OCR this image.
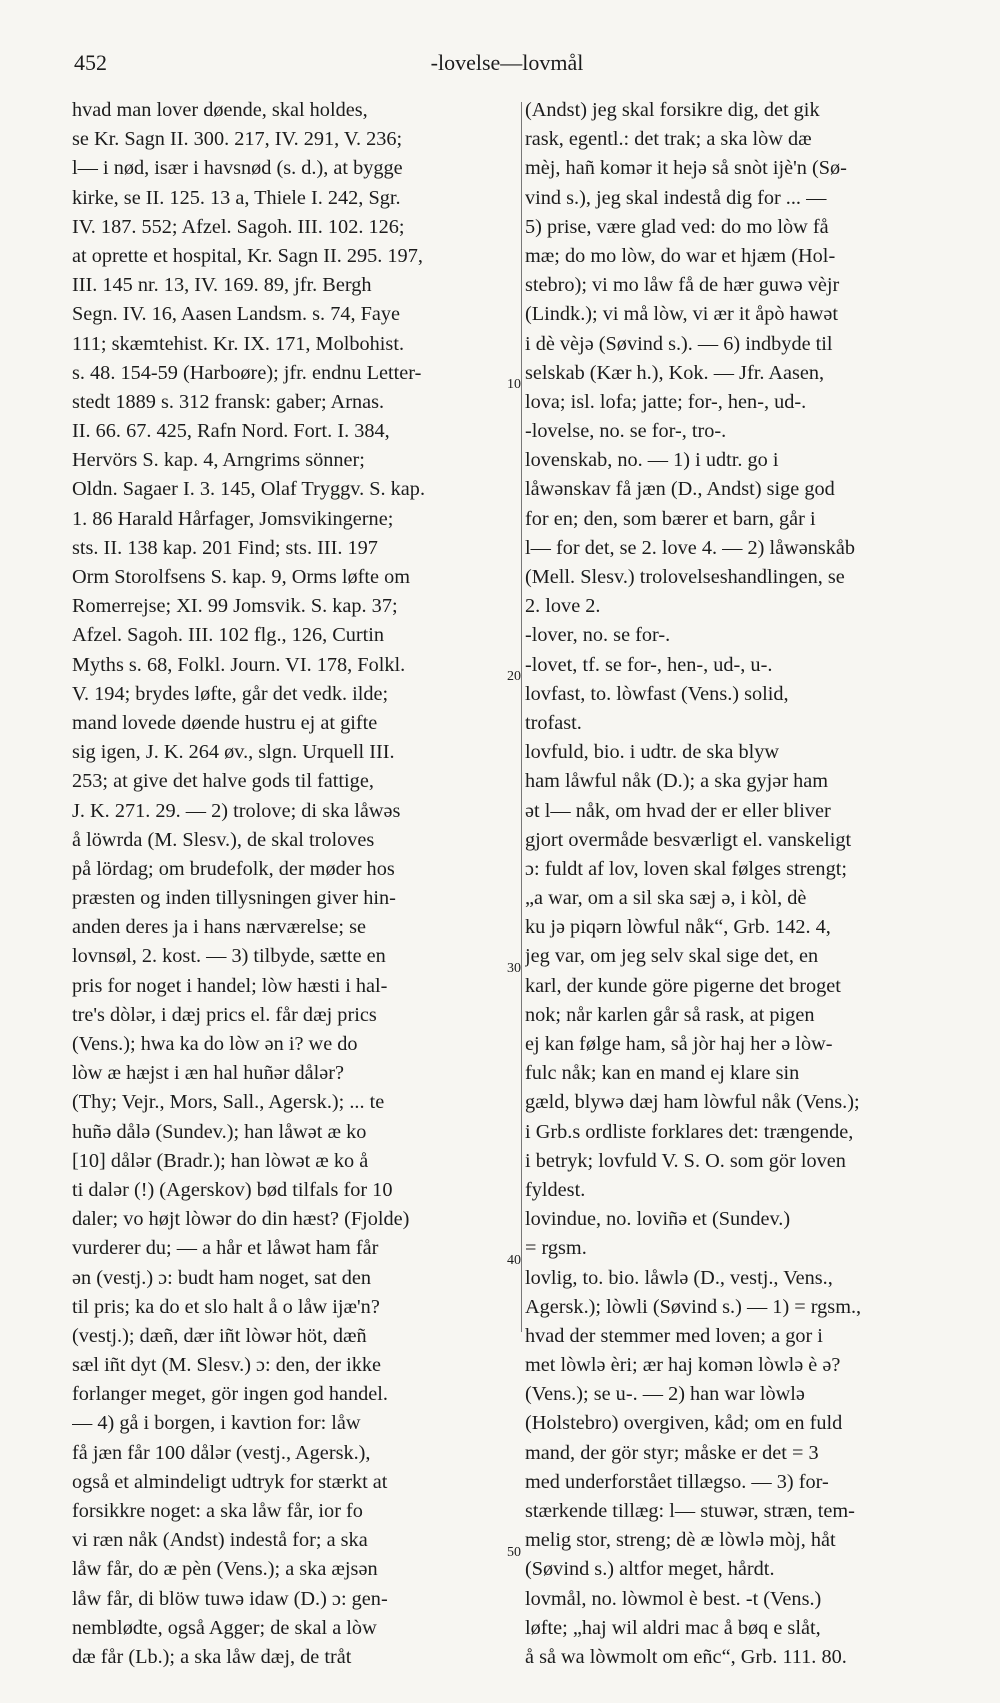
452	-lovelse—lovmål
hvad man lover døende, skal holdes,
se Kr. Sagn II. 300. 217, IV. 291, V. 236;
l— i nød, især i havsnød (s. d.), at bygge
kirke, se II. 125. 13 a, Thiele I. 242, Sgr.
IV. 187. 552; Afzel. Sagoh. III. 102. 126;
at oprette et hospital, Kr. Sagn II. 295. 197,
III. 145 nr. 13, IV. 169. 89, jfr. Bergh
Segn. IV. 16, Aasen Landsm. s. 74, Faye
111; skæmtehist. Kr. IX. 171, Molbohist.
s. 48. 154-59 (Harboøre); jfr. endnu Letter-
stedt 1889 s. 312 fransk: gaber; Arnas.
II. 66. 67. 425, Rafn Nord. Fort. I. 384,
Hervörs S. kap. 4, Arngrims sönner;
Oldn. Sagaer I. 3. 145, Olaf Tryggv. S. kap.
1. 86 Harald Hårfager, Jomsvikingerne;
sts. II. 138 kap. 201 Find; sts. III. 197
Orm Storolfsens S. kap. 9, Orms løfte om
Romerrejse; XI. 99 Jomsvik. S. kap. 37;
Afzel. Sagoh. III. 102 flg., 126, Curtin
Myths s. 68, Folkl. Journ. VI. 178, Folkl.
V. 194; brydes løfte, går det vedk. ilde;
mand lovede døende hustru ej at gifte
sig igen, J. K. 264 øv., slgn. Urquell III.
253; at give det halve gods til fattige,
J. K. 271. 29. — 2) trolove; di ska låwəs
å löwrda (M. Slesv.), de skal troloves
på lördag; om brudefolk, der møder hos
præsten og inden tillysningen giver hin-
anden deres ja i hans nærværelse; se
lovnsøl, 2. kost. — 3) tilbyde, sætte en
pris for noget i handel; lòw hæsti i hal-
tre's dòlər, i dæj prics el. får dæj prics
(Vens.); hwa ka do lòw ən i? we do
lòw æ hæjst i æn hal huñər dålər?
(Thy; Vejr., Mors, Sall., Agersk.); ... te
huñə dålə (Sundev.); han låwət æ ko
[10] dålər (Bradr.); han lòwət æ ko å
ti dalər (!) (Agerskov) bød tilfals for 10
daler; vo høјt lòwər do din hæst? (Fjolde)
vurderer du; — a hår et låwət ham får
ən (vestj.) ɔ: budt ham noget, sat den
til pris; ka do et slo halt å o låw ijæ'n?
(vestj.); dæñ, dær iñt lòwər höt, dæñ
sæl iñt dyt (M. Slesv.) ɔ: den, der ikke
forlanger meget, gör ingen god handel.
— 4) gå i borgen, i kavtion for: låw
få jæn får 100 dålər (vestj., Agersk.),
også et almindeligt udtryk for stærkt at
forsikkre noget: a ska låw får, ior fo
vi ræn nåk (Andst) indestå for; a ska
låw får, do æ pèn (Vens.); a ska æjsən
låw får, di blöw tuwə idaw (D.) ɔ: gen-
nemblødte, også Agger; de skal a lòw
dæ får (Lb.); a ska låw dæj, de tråt
(Andst) jeg skal forsikre dig, det gik
rask, egentl.: det trak; a ska lòw dæ
mèj, hañ komər it hejə så snòt ijè'n (Sø-
vind s.), jeg skal indestå dig for ... —
5) prise, være glad ved: do mo lòw få
mæ; do mo lòw, do war et hjæm (Hol-
stebro); vi mo låw få de hær guwə vèjr
(Lindk.); vi må lòw, vi ær it åpò hawət
i dè vèjə (Søvind s.). — 6) indbyde til
selskab (Kær h.), Kok. — Jfr. Aasen,
lova; isl. lofa; jatte; for-, hen-, ud-.
-lovelse, no. se for-, tro-.
lovenskab, no. — 1) i udtr. go i
låwənskav få jæn (D., Andst) sige god
for en; den, som bærer et barn, går i
l— for det, se 2. love 4. — 2) låwənskåb
(Mell. Slesv.) trolovelseshandlingen, se
2. love 2.
-lover, no. se for-.
-lovet, tf. se for-, hen-, ud-, u-.
lovfast, to. lòwfast (Vens.) solid,
trofast.
lovfuld, bio. i udtr. de ska blyw
ham låwful nåk (D.); a ska gyjər ham
ət l— nåk, om hvad der er eller bliver
gjort overmåde besværligt el. vanskeligt
ɔ: fuldt af lov, loven skal følges strengt;
„a war, om a sil ska sæj ə, i kòl, dè
ku jə piqərn lòwful nåk“, Grb. 142. 4,
jeg var, om jeg selv skal sige det, en
karl, der kunde göre pigerne det broget
nok; når karlen går så rask, at pigen
ej kan følge ham, så jòr haj her ə lòw-
fulc nåk; kan en mand ej klare sin
gæld, blywə dæj ham lòwful nåk (Vens.);
i Grb.s ordliste forklares det: trængende,
i betryk; lovfuld V. S. O. som gör loven
fyldest.
lovindue, no. loviñə et (Sundev.)
= rgsm.
lovlig, to. bio. låwlə (D., vestj., Vens.,
Agersk.); lòwli (Søvind s.) — 1) = rgsm.,
hvad der stemmer med loven; a gor i
met lòwlə èri; ær haj komən lòwlə è ə?
(Vens.); se u-. — 2) han war lòwlə
(Holstebro) overgiven, kåd; om en fuld
mand, der gör styr; måske er det = 3
med underforstået tillægso. — 3) for-
stærkende tillæg: l— stuwər, stræn, tem-
melig stor, streng; dè æ lòwlə mòj, håt
(Søvind s.) altfor meget, hårdt.
lovmål, no. lòwmol è best. -t (Vens.)
løfte; „haj wil aldri mac å bøq e slåt,
å så wa lòwmolt om eñc“, Grb. 111. 80.
10
20
30
40
50
